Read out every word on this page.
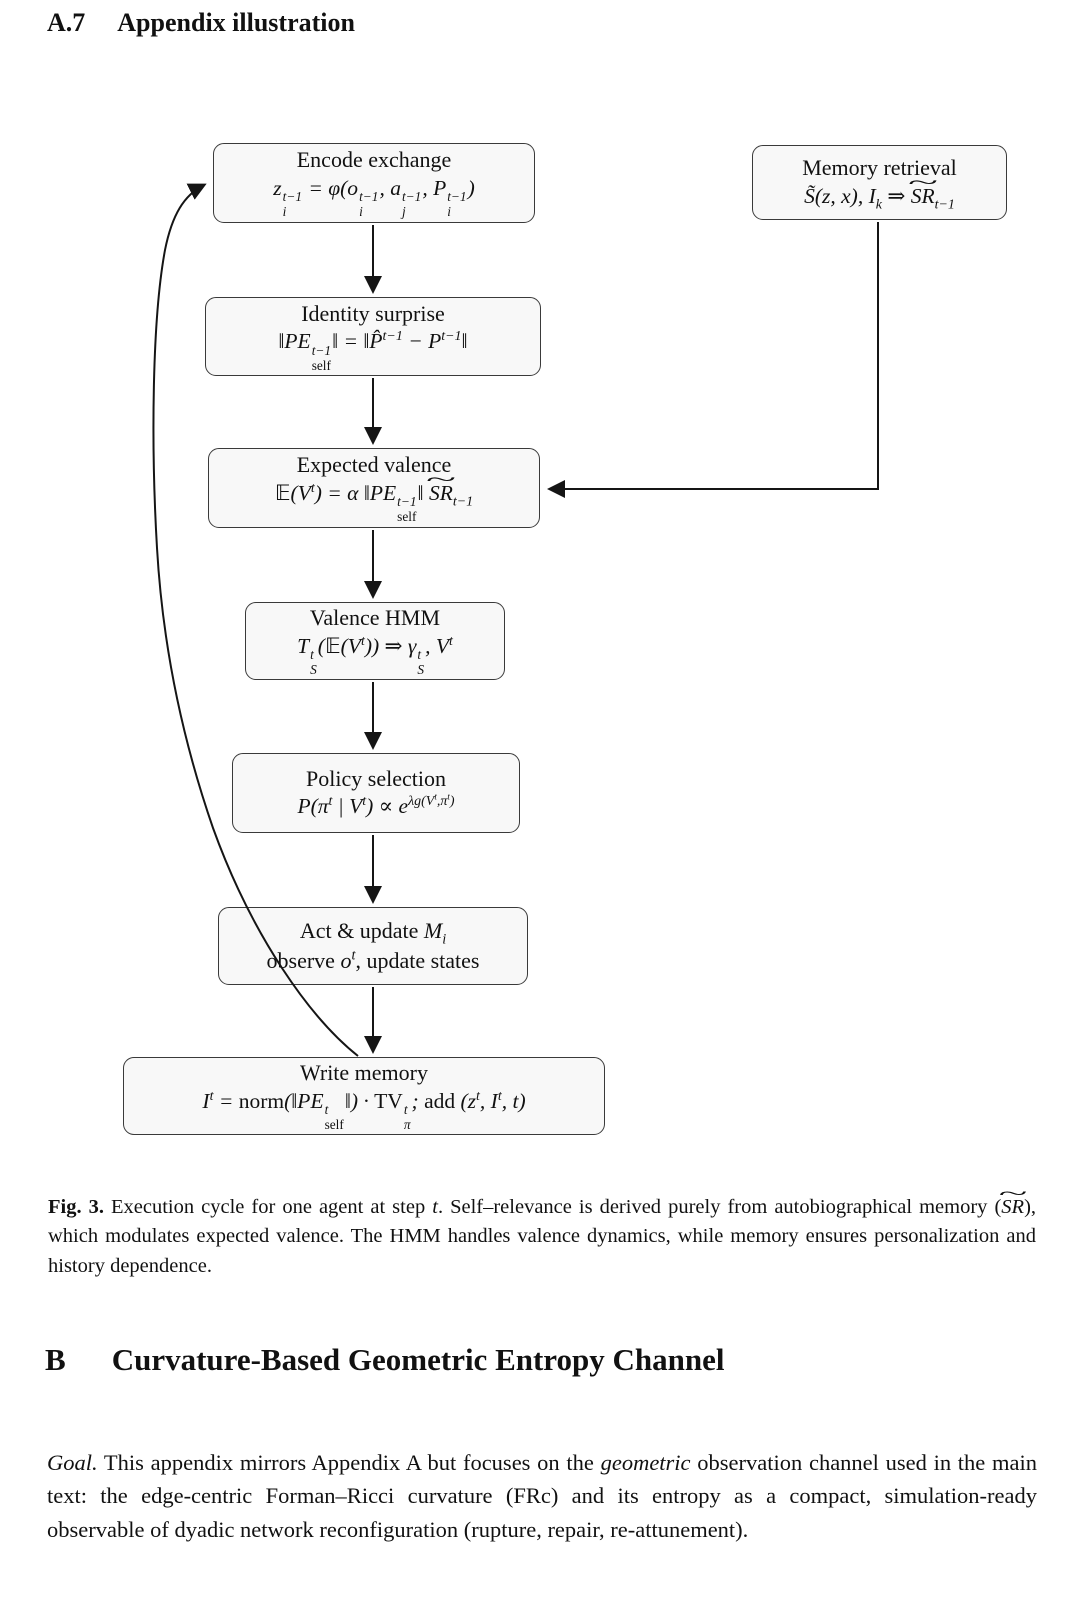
A.7 Appendix illustration
Encode exchange
z t−1
i
= φ(o t−1
i
, a t−1
j
, P t−1
i
)
Memory retrieval
S̃(z, x), $I_k$ ⇒ ~ $SR_{t-1}$
Identity surprise
‖PE t−1
self
‖ = ‖P̂$^{t-1}$ − $P^{t-1}‖$
Expected valence
$𝔼(V^t) = \alpha$ ‖PE t−1
self
‖ ~ $SR_{t-1}$
Valence HMM
T t
S
$(𝔼(V^t))$ ⇒ γ t
S
, $V^t$
Policy selection
$P(\pi^t$ | $V^t) \propto e^{\lambda g(V^t,\pi^t)}$
Act & update $M_i$
observe $o^t$, update states
Write memory
$I^t$ = norm(‖PE t
self
‖) · TV t
π
; add ($z^t$, $I^t$, t)

Fig. 3. Execution cycle for one agent at step t. Self–relevance is derived purely from autobiographical memory (~ SR), which modulates expected valence. The HMM handles valence dynamics, while memory ensures personalization and history dependence.

B Curvature-Based Geometric Entropy Channel

Goal. This appendix mirrors Appendix A but focuses on the geometric observation channel used in the main text: the edge-centric Forman–Ricci curvature (FRc) and its entropy as a compact, simulation-ready observable of dyadic network reconfiguration (rupture, repair, re-attunement).
